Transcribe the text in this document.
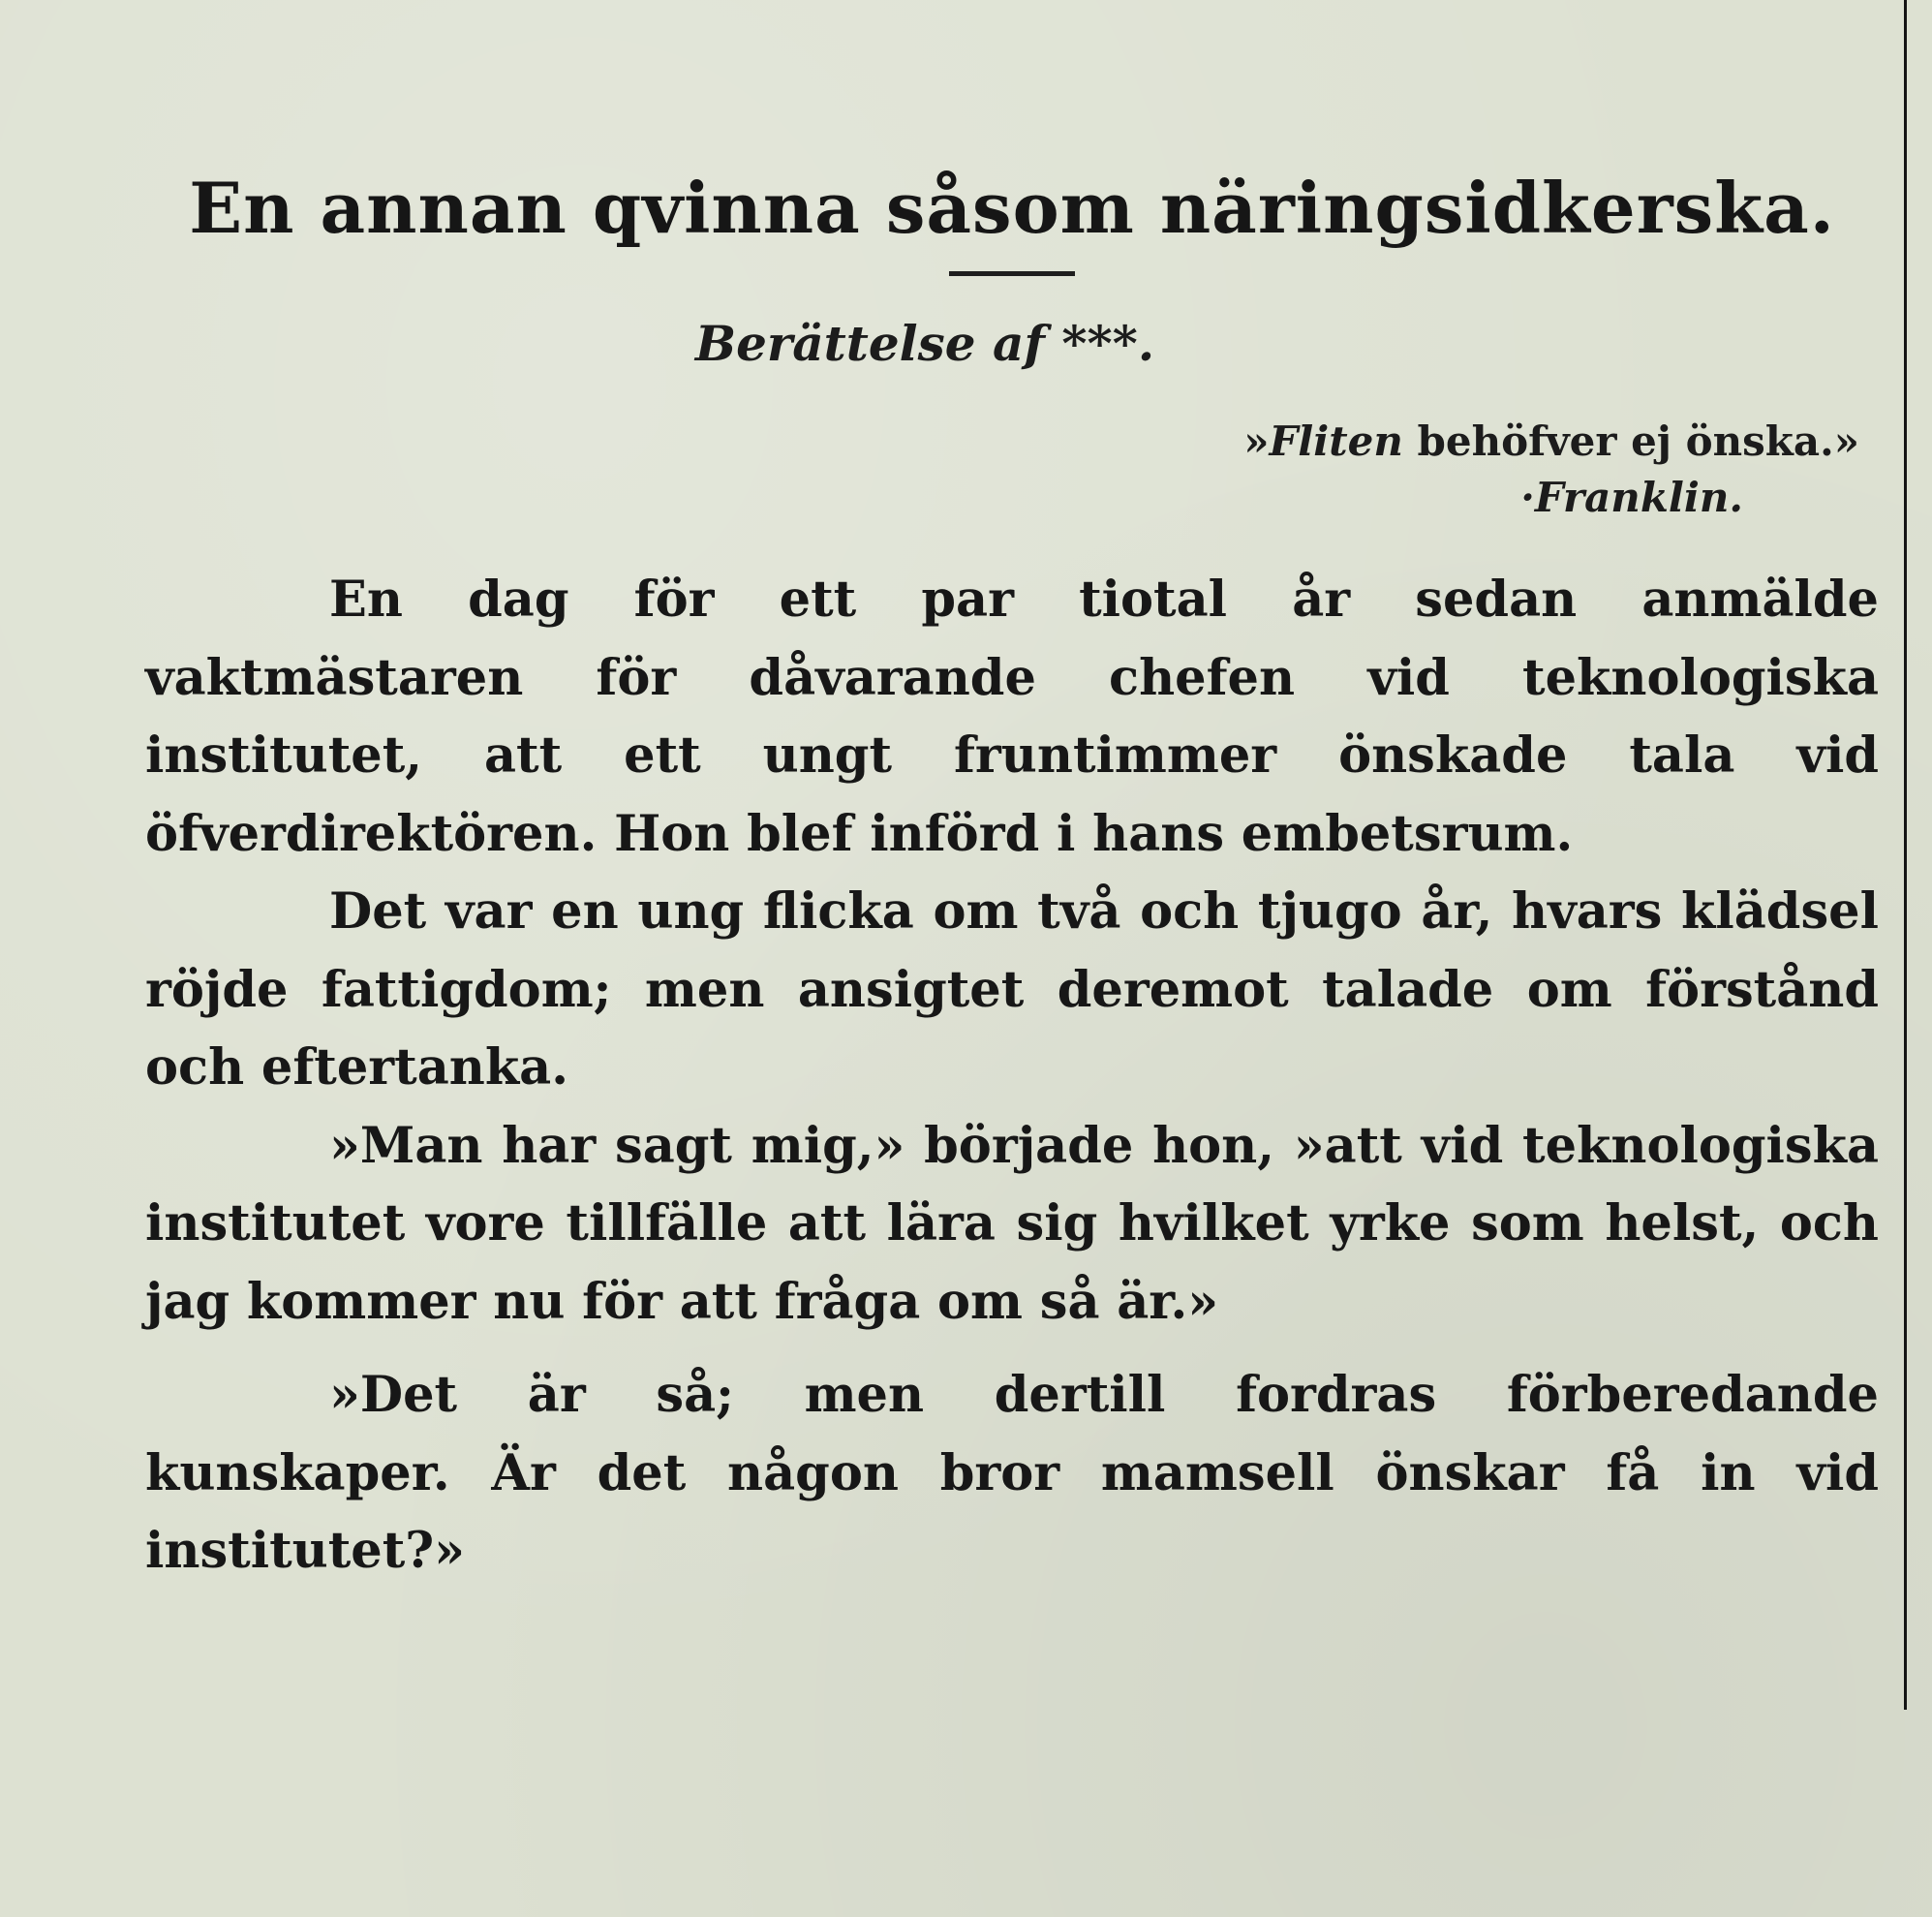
En annan qvinna såsom näringsidkerska.
Berättelse af ***.
»Fliten behöfver ej önska.»
·Franklin.

En dag för ett par tiotal år sedan anmälde vaktmästaren för dåvarande chefen vid teknologiska institutet, att ett ungt fruntimmer önskade tala vid öfverdirektören. Hon blef införd i hans embetsrum.

Det var en ung flicka om två och tjugo år, hvars klädsel röjde fattigdom; men ansigtet deremot talade om förstånd och eftertanka.

»Man har sagt mig,» började hon, »att vid teknologiska institutet vore tillfälle att lära sig hvilket yrke som helst, och jag kommer nu för att fråga om så är.»

»Det är så; men dertill fordras förberedande kunskaper. Är det någon bror mamsell önskar få in vid institutet?»
